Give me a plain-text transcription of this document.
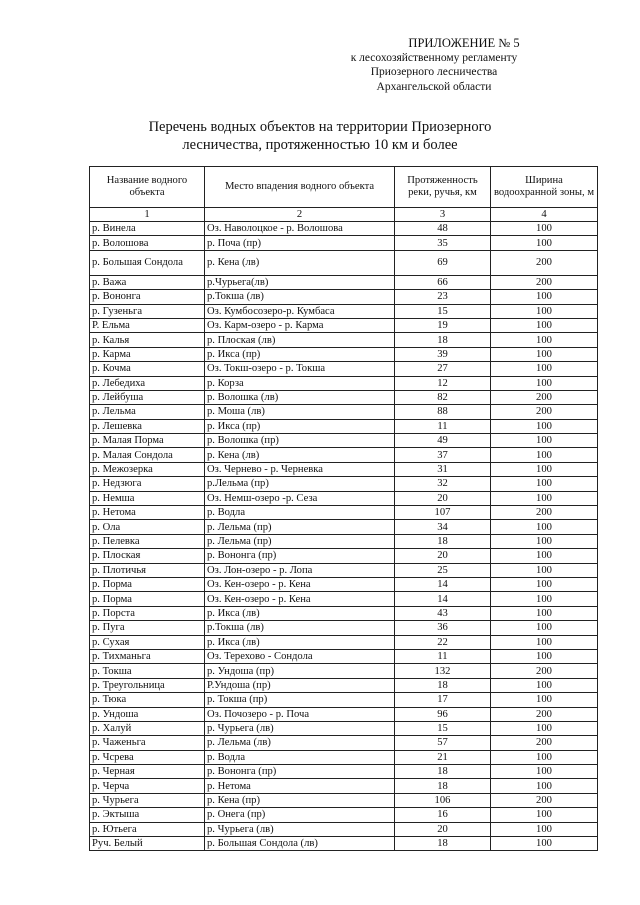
ПРИЛОЖЕНИЕ № 5
к лесохозяйственному регламенту
Приозерного лесничества
Архангельской области
Перечень водных объектов на территории Приозерного
лесничества, протяженностью 10 км и более
Название водного объекта	Место впадения водного объекта	Протяженность реки, ручья, км	Ширина водоохранной зоны, м
1	2	3	4
р. Винела	Оз. Наволоцкое - р. Волошова	48	100
р. Волошова	р. Поча (пр)	35	100
р. Большая Сондола	р. Кена (лв)	69	200
р. Важа	р.Чурьега(лв)	66	200
р. Вононга	р.Токша (лв)	23	100
р. Гузеньга	Оз. Кумбосозеро-р. Кумбаса	15	100
Р. Ельма	Оз. Карм-озеро - р. Карма	19	100
р. Калья	р. Плоская (лв)	18	100
р. Карма	р. Икса (пр)	39	100
р. Кочма	Оз. Токш-озеро - р. Токша	27	100
р. Лебедиха	р. Корза	12	100
р. Лейбуша	р. Волошка (лв)	82	200
р. Лельма	р. Моша (лв)	88	200
р. Лешевка	р. Икса (пр)	11	100
р. Малая Порма	р. Волошка (пр)	49	100
р. Малая Сондола	р. Кена (лв)	37	100
р. Межозерка	Оз. Чернево - р. Черневка	31	100
р. Недзюга	р.Лельма (пр)	32	100
р. Немша	Оз. Немш-озеро -р. Сеза	20	100
р. Нетома	р. Водла	107	200
р. Ола	р. Лельма (пр)	34	100
р. Пелевка	р. Лельма (пр)	18	100
р. Плоская	р. Вононга (пр)	20	100
р. Плотичья	Оз. Лон-озеро - р. Лопа	25	100
р. Порма	Оз. Кен-озеро - р. Кена	14	100
р. Порма	Оз. Кен-озеро - р. Кена	14	100
р. Порста	р. Икса (лв)	43	100
р. Пуга	р.Токша (лв)	36	100
р. Сухая	р. Икса (лв)	22	100
р. Тихманьга	Оз. Терехово - Сондола	11	100
р. Токша	р. Ундоша (пр)	132	200
р. Треугольница	Р.Ундоша (пр)	18	100
р. Тюка	р. Токша (пр)	17	100
р. Ундоша	Оз. Почозеро - р. Поча	96	200
р. Халуй	р. Чурьега (лв)	15	100
р. Чаженьга	р. Лельма (лв)	57	200
р. Чсрева	р. Водла	21	100
р. Черная	р. Вононга (пр)	18	100
р. Черча	р. Нетома	18	100
р. Чурьега	р. Кена (пр)	106	200
р. Эктыша	р. Онега (пр)	16	100
р. Ютьега	р. Чурьега (лв)	20	100
Руч. Белый	р. Большая Сондола (лв)	18	100
